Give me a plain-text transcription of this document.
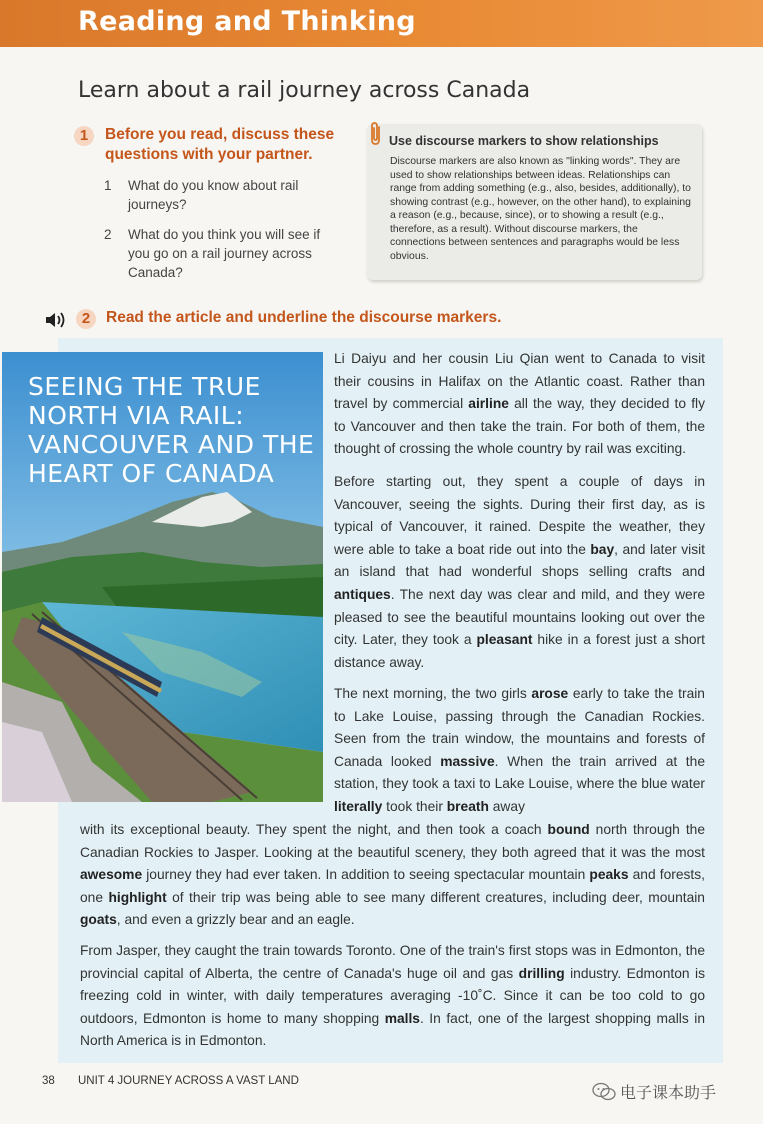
Reading and Thinking
Learn about a rail journey across Canada
1	Before you read, discuss these questions with your partner.
1 What do you know about rail journeys?
2 What do you think you will see if you go on a rail journey across Canada?
Use discourse markers to show relationships
Discourse markers are also known as "linking words". They are used to show relationships between ideas. Relationships can range from adding something (e.g., also, besides, additionally), to showing contrast (e.g., however, on the other hand), to explaining a reason (e.g., because, since), or to showing a result (e.g., therefore, as a result). Without discourse markers, the connections between sentences and paragraphs would be less obvious.
2	Read the article and underline the discourse markers.
SEEING THE TRUE
NORTH VIA RAIL:
VANCOUVER AND THE
HEART OF CANADA
Li Daiyu and her cousin Liu Qian went to Canada to visit their cousins in Halifax on the Atlantic coast. Rather than travel by commercial airline all the way, they decided to fly to Vancouver and then take the train. For both of them, the thought of crossing the whole country by rail was exciting.
Before starting out, they spent a couple of days in Vancouver, seeing the sights. During their first day, as is typical of Vancouver, it rained. Despite the weather, they were able to take a boat ride out into the bay, and later visit an island that had wonderful shops selling crafts and antiques. The next day was clear and mild, and they were pleased to see the beautiful mountains looking out over the city. Later, they took a pleasant hike in a forest just a short distance away.
The next morning, the two girls arose early to take the train to Lake Louise, passing through the Canadian Rockies. Seen from the train window, the mountains and forests of Canada looked massive. When the train arrived at the station, they took a taxi to Lake Louise, where the blue water literally took their breath away
with its exceptional beauty. They spent the night, and then took a coach bound north through the Canadian Rockies to Jasper. Looking at the beautiful scenery, they both agreed that it was the most awesome journey they had ever taken. In addition to seeing spectacular mountain peaks and forests, one highlight of their trip was being able to see many different creatures, including deer, mountain goats, and even a grizzly bear and an eagle.
From Jasper, they caught the train towards Toronto. One of the train's first stops was in Edmonton, the provincial capital of Alberta, the centre of Canada's huge oil and gas drilling industry. Edmonton is freezing cold in winter, with daily temperatures averaging -10˚C. Since it can be too cold to go outdoors, Edmonton is home to many shopping malls. In fact, one of the largest shopping malls in North America is in Edmonton.
38 UNIT 4 JOURNEY ACROSS A VAST LAND
电子课本助手
